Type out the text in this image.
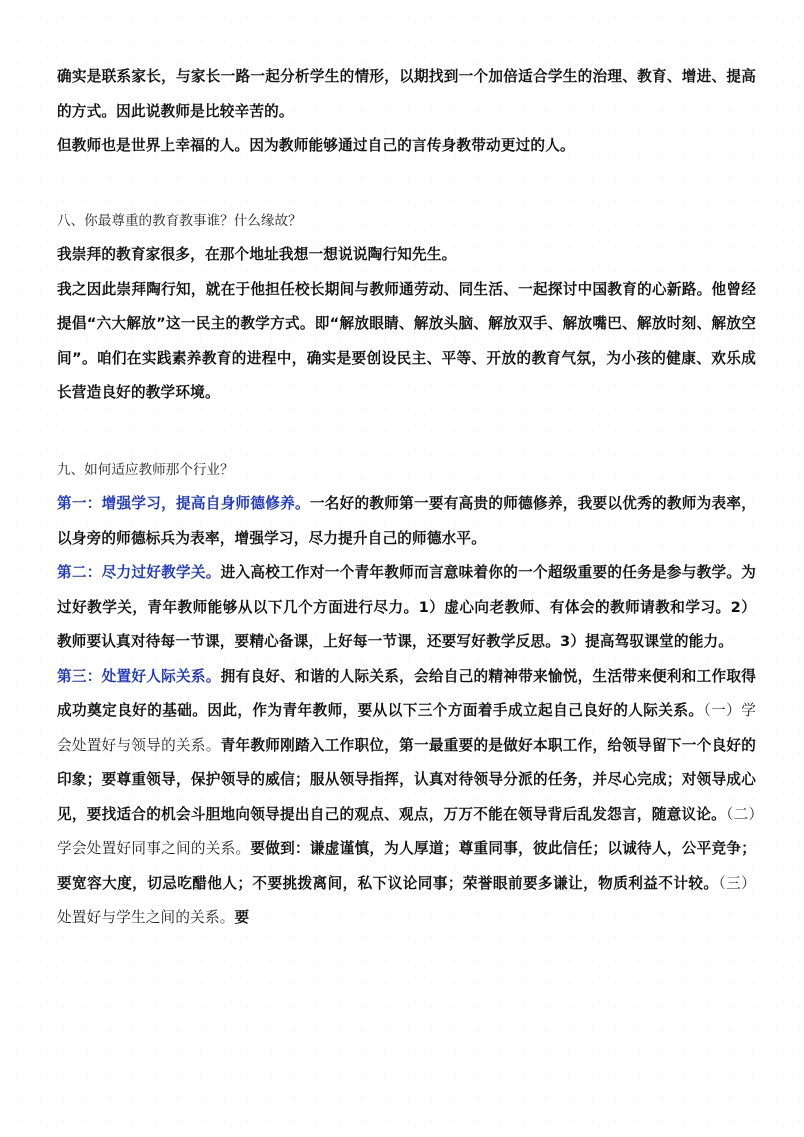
确实是联系家长，与家长一路一起分析学生的情形，以期找到一个加倍适合学生的治理、教育、增进、提高的方式。因此说教师是比较辛苦的。

但教师也是世界上幸福的人。因为教师能够通过自己的言传身教带动更过的人。

八、你最尊重的教育教事谁？什么缘故？

我崇拜的教育家很多，在那个地址我想一想说说陶行知先生。

我之因此崇拜陶行知，就在于他担任校长期间与教师通劳动、同生活、一起探讨中国教育的心新路。他曾经提倡“六大解放”这一民主的教学方式。即“解放眼睛、解放头脑、解放双手、解放嘴巴、解放时刻、解放空间”。咱们在实践素养教育的进程中，确实是要创设民主、平等、开放的教育气氛，为小孩的健康、欢乐成长营造良好的教学环境。

九、如何适应教师那个行业？

第一：增强学习，提高自身师德修养。一名好的教师第一要有高贵的师德修养，我要以优秀的教师为表率，以身旁的师德标兵为表率，增强学习，尽力提升自己的师德水平。

第二：尽力过好教学关。进入高校工作对一个青年教师而言意味着你的一个超级重要的任务是参与教学。为过好教学关，青年教师能够从以下几个方面进行尽力。1）虚心向老教师、有体会的教师请教和学习。2）教师要认真对待每一节课，要精心备课，上好每一节课，还要写好教学反思。3）提高驾驭课堂的能力。

第三：处置好人际关系。拥有良好、和谐的人际关系，会给自己的精神带来愉悦，生活带来便利和工作取得成功奠定良好的基础。因此，作为青年教师，要从以下三个方面着手成立起自己良好的人际关系。（一）学会处置好与领导的关系。青年教师刚踏入工作职位，第一最重要的是做好本职工作，给领导留下一个良好的印象；要尊重领导，保护领导的威信；服从领导指挥，认真对待领导分派的任务，并尽心完成；对领导成心见，要找适合的机会斗胆地向领导提出自己的观点、观点，万万不能在领导背后乱发怨言，随意议论。（二）学会处置好同事之间的关系。要做到：谦虚谨慎，为人厚道；尊重同事，彼此信任；以诚待人，公平竞争；要宽容大度，切忌吃醋他人；不要挑拨离间，私下议论同事；荣誉眼前要多谦让，物质利益不计较。（三）处置好与学生之间的关系。要
